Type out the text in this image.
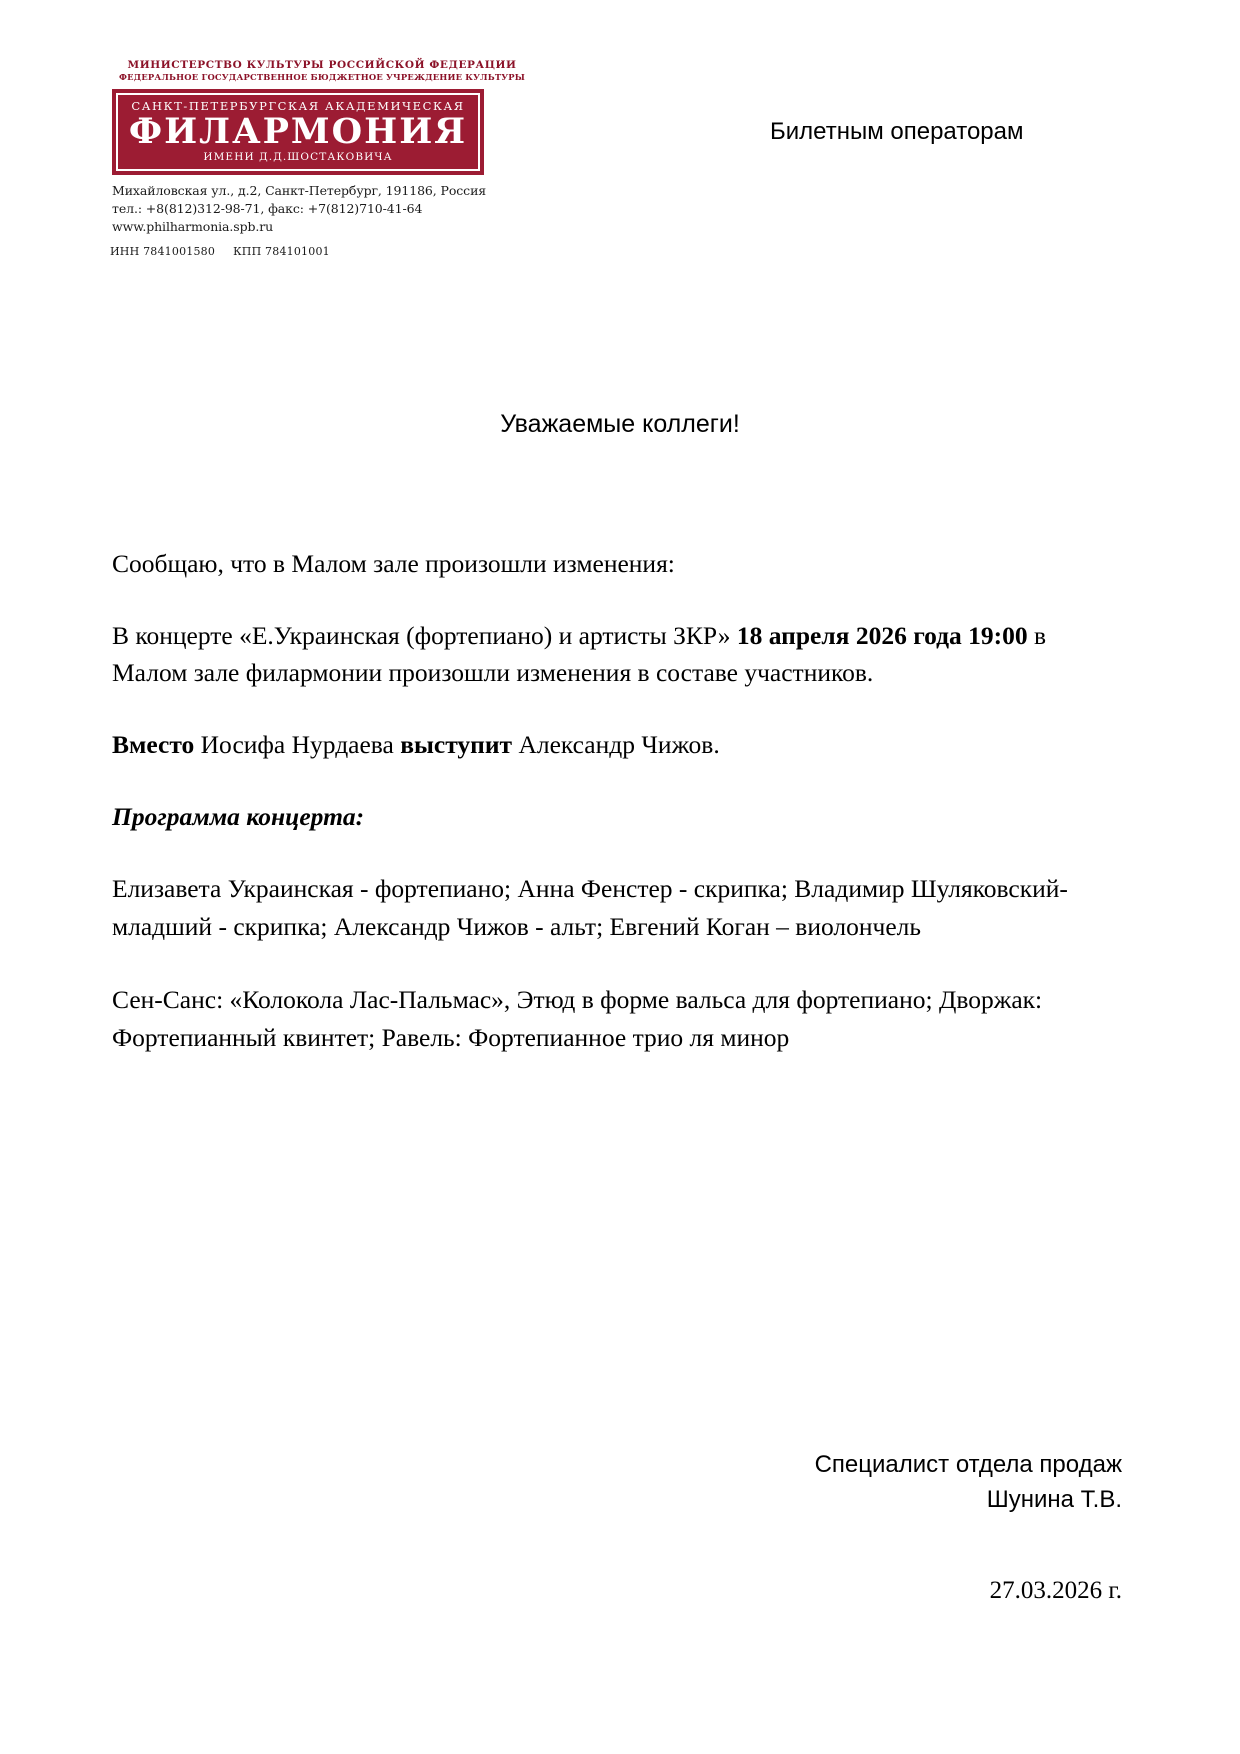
МИНИСТЕРСТВО КУЛЬТУРЫ РОССИЙСКОЙ ФЕДЕРАЦИИ
ФЕДЕРАЛЬНОЕ ГОСУДАРСТВЕННОЕ БЮДЖЕТНОЕ УЧРЕЖДЕНИЕ КУЛЬТУРЫ
САНКТ-ПЕТЕРБУРГСКАЯ АКАДЕМИЧЕСКАЯ
ФИЛАРМОНИЯ
ИМЕНИ Д.Д.ШОСТАКОВИЧА
Михайловская ул., д.2, Санкт-Петербург, 191186, Россия
тел.: +8(812)312-98-71, факс: +7(812)710-41-64
www.philharmonia.spb.ru
ИНН 7841001580 КПП 784101001
Билетным операторам
Уважаемые коллеги!

Сообщаю, что в Малом зале произошли изменения:

В концерте «Е.Украинская (фортепиано) и артисты ЗКР» 18 апреля 2026 года 19:00 в Малом зале филармонии произошли изменения в составе участников.

Вместо Иосифа Нурдаева выступит Александр Чижов.

Программа концерта:

Елизавета Украинская - фортепиано; Анна Фенстер - скрипка; Владимир Шуляковский-младший - скрипка; Александр Чижов - альт; Евгений Коган – виолончель

Сен-Санс: «Колокола Лас-Пальмас», Этюд в форме вальса для фортепиано; Дворжак: Фортепианный квинтет; Равель: Фортепианное трио ля минор

Специалист отдела продаж
Шунина Т.В.
27.03.2026 г.
